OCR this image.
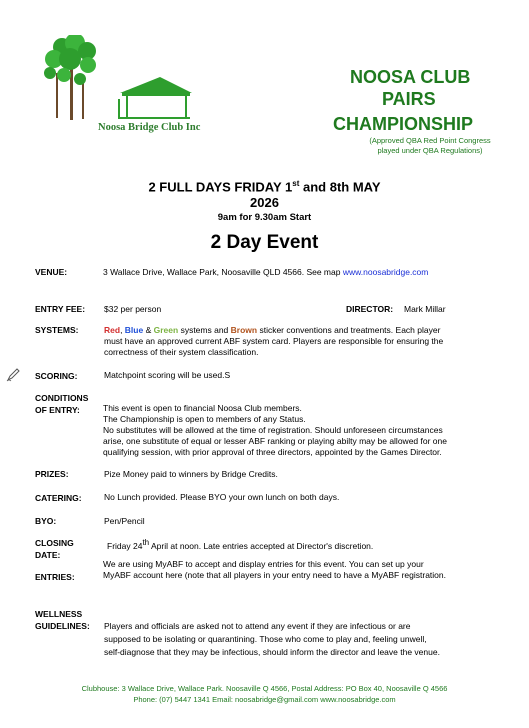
Noosa Bridge Club Inc
NOOSA CLUB
PAIRS
CHAMPIONSHIP
(Approved QBA Red Point Congress
played under QBA Regulations)
2 FULL DAYS FRIDAY 1st and 8th MAY
2026
9am for 9.30am Start
2 Day Event
VENUE:	3 Wallace Drive, Wallace Park, Noosaville QLD 4566. See map www.noosabridge.com
ENTRY FEE: $32 per person	DIRECTOR: Mark Millar
SYSTEMS:	Red, Blue & Green systems and Brown sticker conventions and treatments. Each player
must have an approved current ABF system card. Players are responsible for ensuring the
correctness of their system classification.
SCORING:	Matchpoint scoring will be used.S
CONDITIONS
OF ENTRY:	This event is open to financial Noosa Club members.
The Championship is open to members of any Status.
No substitutes will be allowed at the time of registration. Should unforeseen circumstances
arise, one substitute of equal or lesser ABF ranking or playing abilty may be allowed for one
qualifying session, with prior approval of three directors, appointed by the Games Director.
PRIZES:	Pize Money paid to winners by Bridge Credits.
CATERING:	No Lunch provided. Please BYO your own lunch on both days.
BYO:	Pen/Pencil
CLOSING
DATE:
Friday 24th April at noon. Late entries accepted at Director's discretion.
ENTRIES:
We are using MyABF to accept and display entries for this event. You can set up your
MyABF account here (note that all players in your entry need to have a MyABF registration.
WELLNESS
GUIDELINES: Players and officials are asked not to attend any event if they are infectious or are
supposed to be isolating or quarantining. Those who come to play and, feeling unwell,
self-diagnose that they may be infectious, should inform the director and leave the venue.
Clubhouse: 3 Wallace Drive, Wallace Park. Noosaville Q 4566, Postal Address: PO Box 40, Noosaville Q 4566
Phone: (07) 5447 1341 Email: noosabridge@gmail.com www.noosabridge.com
